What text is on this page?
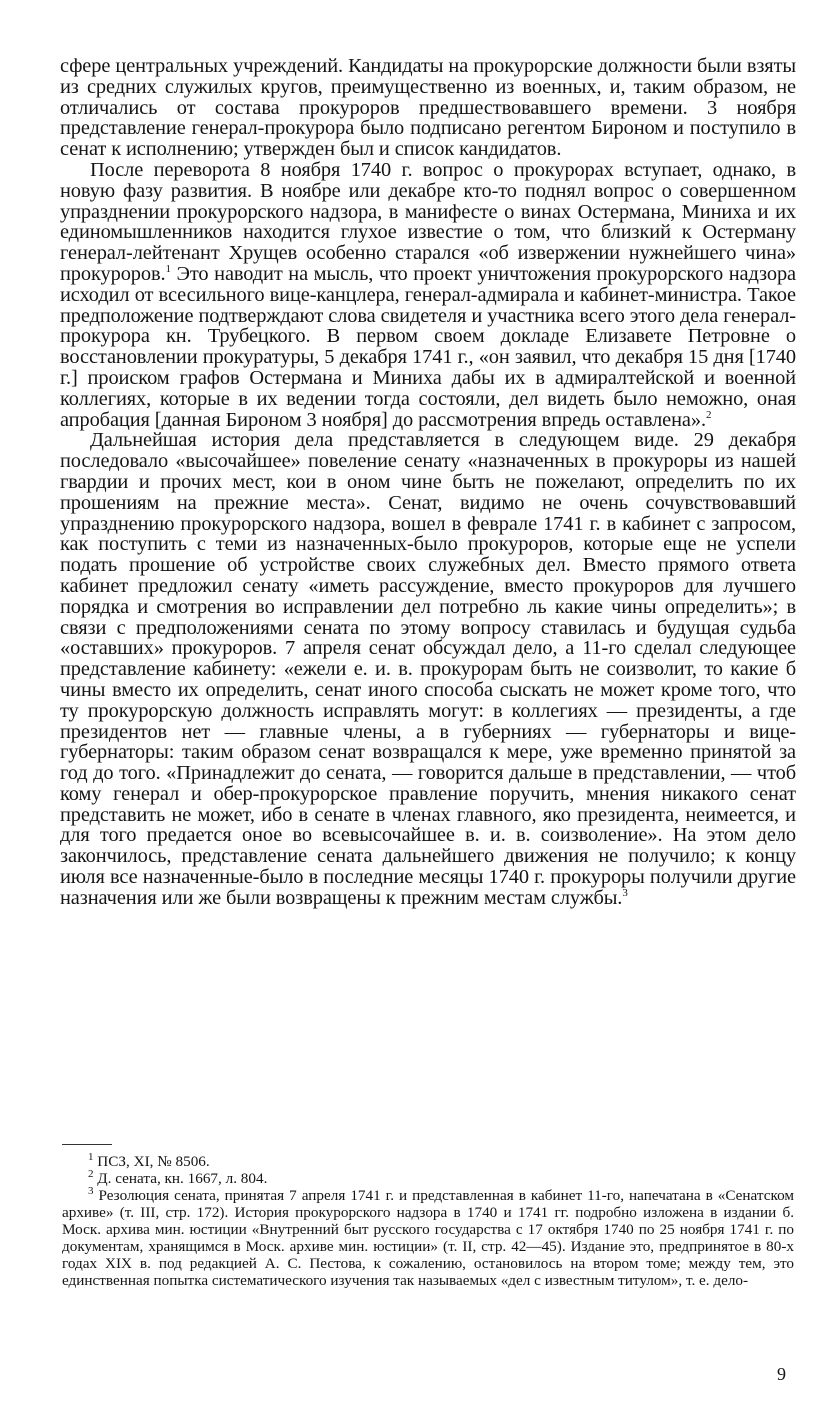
сфере центральных учреждений. Кандидаты на прокурорские должности были взяты из средних служилых кругов, преимущественно из военных, и, таким образом, не отличались от состава прокуроров предшествовавшего времени. 3 ноября представление генерал-прокурора было подписано регентом Бироном и поступило в сенат к исполнению; утвержден был и список кандидатов.

После переворота 8 ноября 1740 г. вопрос о прокурорах вступает, однако, в новую фазу развития. В ноябре или декабре кто-то поднял вопрос о совершенном упразднении прокурорского надзора, в манифесте о винах Остермана, Миниха и их единомышленников находится глухое известие о том, что близкий к Остерману генерал-лейтенант Хрущев особенно старался «об извержении нужнейшего чина» прокуроров.$^1$ Это наводит на мысль, что проект уничтожения прокурорского надзора исходил от всесильного вице-канцлера, генерал-адмирала и кабинет-министра. Такое предположение подтверждают слова свидетеля и участника всего этого дела генерал-прокурора кн. Трубецкого. В первом своем докладе Елизавете Петровне о восстановлении прокуратуры, 5 декабря 1741 г., «он заявил, что декабря 15 дня [1740 г.] происком графов Остермана и Миниха дабы их в адмиралтейской и военной коллегиях, которые в их ведении тогда состояли, дел видеть было неможно, оная апробация [данная Бироном 3 ноября] до рассмотрения впредь оставлена».$^2$

Дальнейшая история дела представляется в следующем виде. 29 декабря последовало «высочайшее» повеление сенату «назначенных в прокуроры из нашей гвардии и прочих мест, кои в оном чине быть не пожелают, определить по их прошениям на прежние места». Сенат, видимо не очень сочувствовавший упразднению прокурорского надзора, вошел в феврале 1741 г. в кабинет с запросом, как поступить с теми из назначенных-было прокуроров, которые еще не успели подать прошение об устройстве своих служебных дел. Вместо прямого ответа кабинет предложил сенату «иметь рассуждение, вместо прокуроров для лучшего порядка и смотрения во исправлении дел потребно ль какие чины определить»; в связи с предположениями сената по этому вопросу ставилась и будущая судьба «оставших» прокуроров. 7 апреля сенат обсуждал дело, а 11-го сделал следующее представление кабинету: «ежели е. и. в. прокурорам быть не соизволит, то какие б чины вместо их определить, сенат иного способа сыскать не может кроме того, что ту прокурорскую должность исправлять могут: в коллегиях — президенты, а где президентов нет — главные члены, а в губерниях — губернаторы и вице-губернаторы: таким образом сенат возвращался к мере, уже временно принятой за год до того. «Принадлежит до сената, — говорится дальше в представлении, — чтоб кому генерал и обер-прокурорское правление поручить, мнения никакого сенат представить не может, ибо в сенате в членах главного, яко президента, неимеется, и для того предается оное во всевысочайшее в. и. в. соизволение». На этом дело закончилось, представление сената дальнейшего движения не получило; к концу июля все назначенные-было в последние месяцы 1740 г. прокуроры получили другие назначения или же были возвращены к прежним местам службы.$^3$

$^1$ ПСЗ, XI, № 8506.

$^2$ Д. сената, кн. 1667, л. 804.

$^3$ Резолюция сената, принятая 7 апреля 1741 г. и представленная в кабинет 11-го, напечатана в «Сенатском архиве» (т. III, стр. 172). История прокурорского надзора в 1740 и 1741 гг. подробно изложена в издании б. Моск. архива мин. юстиции «Внутренний быт русского государства с 17 октября 1740 по 25 ноября 1741 г. по документам, хранящимся в Моск. архиве мин. юстиции» (т. II, стр. 42—45). Издание это, предпринятое в 80-х годах XIX в. под редакцией А. С. Пестова, к сожалению, остановилось на втором томе; между тем, это единственная попытка систематического изучения так называемых «дел с известным титулом», т. е. дело-

9
